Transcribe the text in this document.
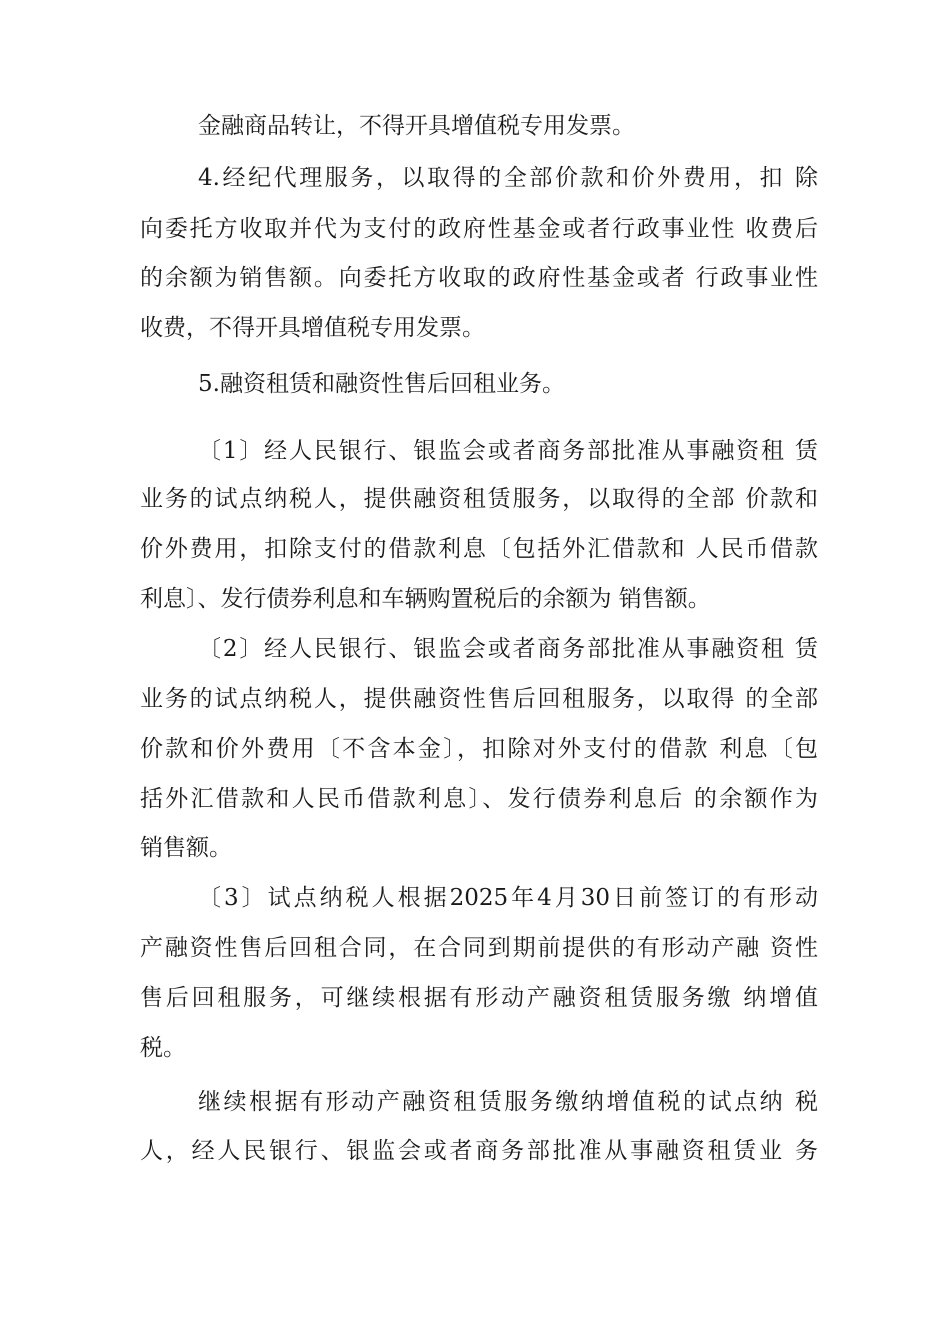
金融商品转让，不得开具增值税专用发票。
4.经纪代理服务，以取得的全部价款和价外费用，扣 除
向委托方收取并代为支付的政府性基金或者行政事业性 收费后
的余额为销售额。向委托方收取的政府性基金或者 行政事业性
收费，不得开具增值税专用发票。
5.融资租赁和融资性售后回租业务。
〔1〕经人民银行、银监会或者商务部批准从事融资租 赁
业务的试点纳税人，提供融资租赁服务，以取得的全部 价款和
价外费用，扣除支付的借款利息〔包括外汇借款和 人民币借款
利息〕、发行债券利息和车辆购置税后的余额为 销售额。
〔2〕经人民银行、银监会或者商务部批准从事融资租 赁
业务的试点纳税人，提供融资性售后回租服务，以取得 的全部
价款和价外费用〔不含本金〕，扣除对外支付的借款 利息〔包
括外汇借款和人民币借款利息〕、发行债券利息后 的余额作为
销售额。
〔3〕试点纳税人根据2025年4月30日前签订的有形动
产融资性售后回租合同，在合同到期前提供的有形动产融 资性
售后回租服务，可继续根据有形动产融资租赁服务缴 纳增值
税。
继续根据有形动产融资租赁服务缴纳增值税的试点纳 税
人，经人民银行、银监会或者商务部批准从事融资租赁业 务
